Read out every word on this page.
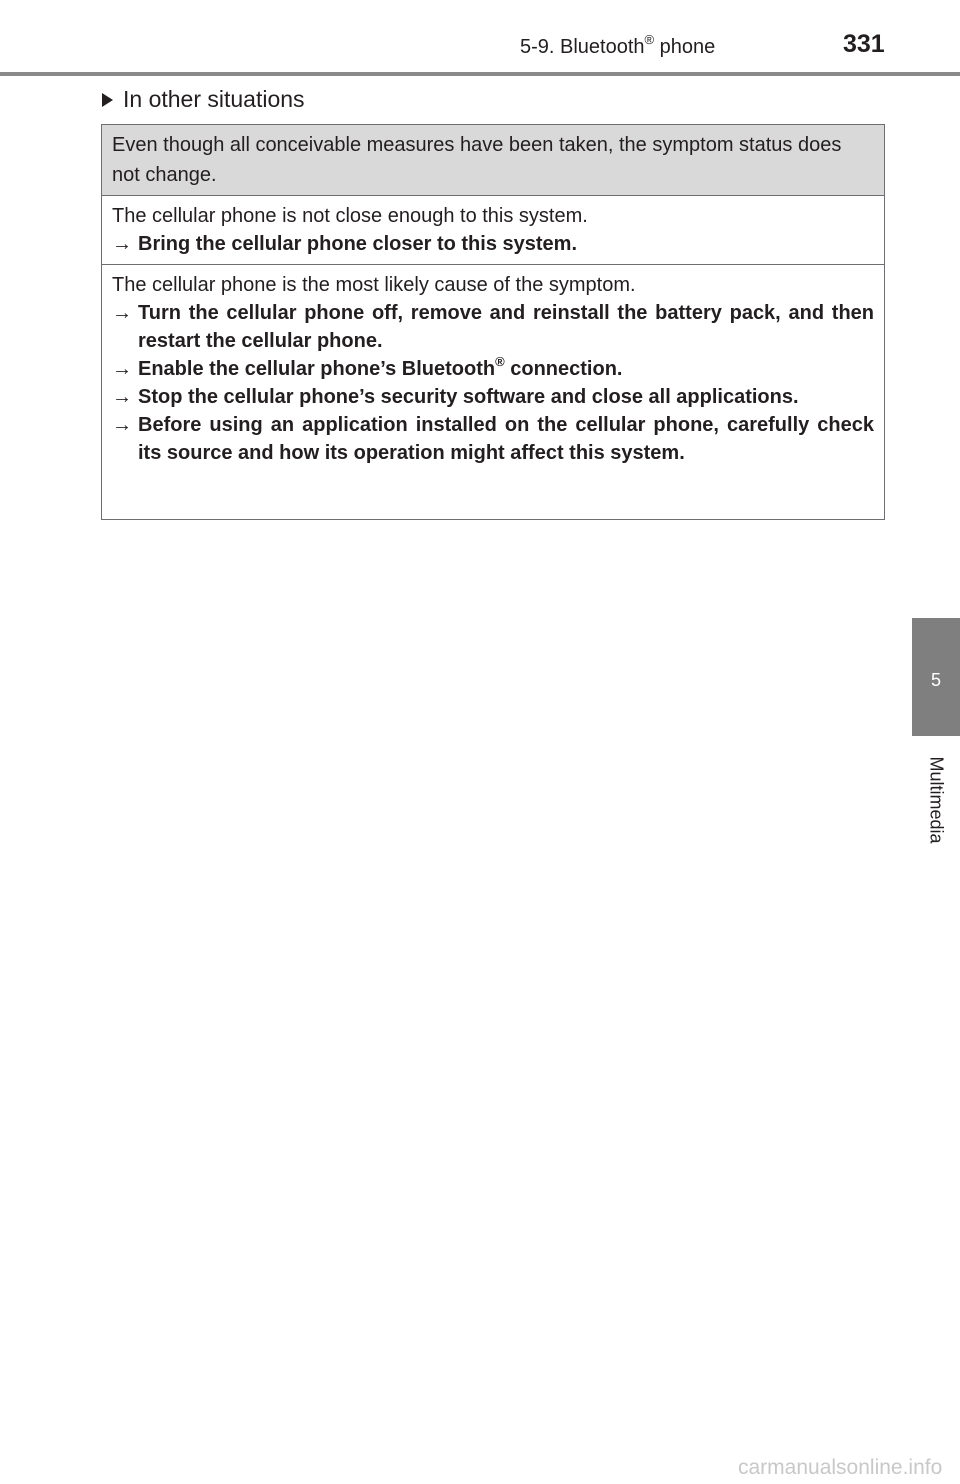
5-9. Bluetooth® phone	331
In other situations
Even though all conceivable measures have been taken, the symptom status does not change.
The cellular phone is not close enough to this system.
→ Bring the cellular phone closer to this system.
The cellular phone is the most likely cause of the symptom.
→ Turn the cellular phone off, remove and reinstall the battery pack, and then restart the cellular phone.
→ Enable the cellular phone’s Bluetooth® connection.
→ Stop the cellular phone’s security software and close all applications.
→ Before using an application installed on the cellular phone, carefully check its source and how its operation might affect this system.
5
Multimedia
carmanualsonline.info
